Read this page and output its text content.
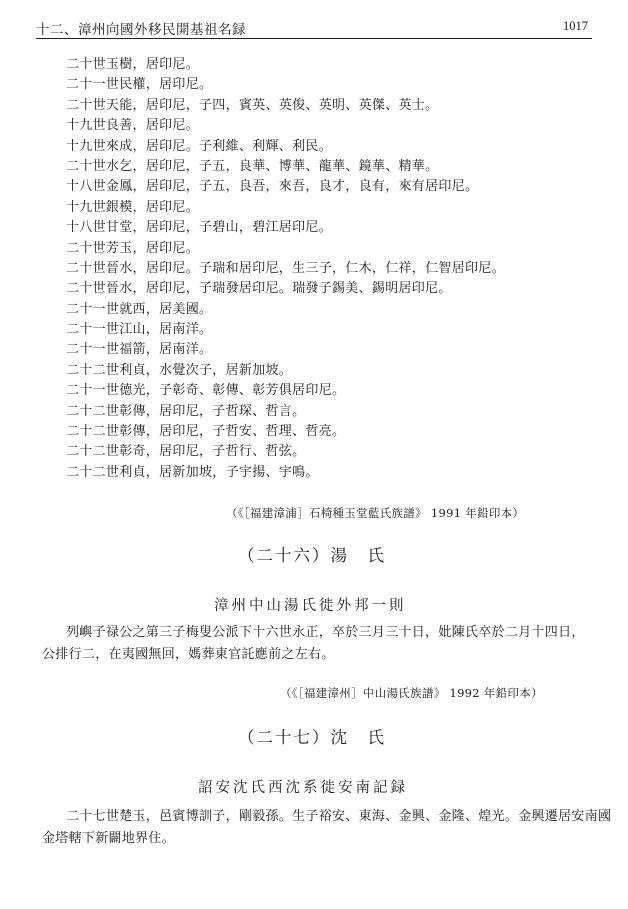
十二、漳州向國外移民開基祖名録	1017
二十世玉樹，居印尼。
二十一世民權，居印尼。
二十世天能，居印尼，子四，賓英、英俊、英明、英傑、英士。
十九世良善，居印尼。
十九世來成，居印尼。子利維、利輝、利民。
二十世水乞，居印尼，子五，良華、博華、龍華、鏡華、精華。
十八世金鳳，居印尼，子五，良吾，來吾，良才，良有，來有居印尼。
十九世銀模，居印尼。
十八世甘堂，居印尼，子碧山，碧江居印尼。
二十世芳玉，居印尼。
二十世晉水，居印尼。子瑞和居印尼，生三子，仁木，仁祥，仁智居印尼。
二十世晉水，居印尼，子瑞發居印尼。瑞發子錫美、錫明居印尼。
二十一世就西，居美國。
二十一世江山，居南洋。
二十一世福箭，居南洋。
二十二世利貞，水覺次子，居新加坡。
二十一世德光，子彰奇、彰傳、彰芳俱居印尼。
二十二世彰傳，居印尼，子哲琛、哲言。
二十二世彰傳，居印尼，子哲安、哲理、哲亮。
二十二世彰奇，居印尼，子哲行、哲弦。
二十二世利貞，居新加坡，子宇揚、宇鳴。
（《［福建漳浦］石椅種玉堂藍氏族譜》 1991 年鉛印本）
（二十六）湯　氏
漳州中山湯氏徙外邦一則
列嶼子禄公之第三子梅叟公派下十六世永正，卒於三月三十日，妣陳氏卒於二月十四日，
公排行二，在夷國無回，媽葬東官託應前之左右。
（《［福建漳州］中山湯氏族譜》 1992 年鉛印本）
（二十七）沈　氏
詔安沈氏西沈系徙安南記録
二十七世楚玉，邑賓博訓子，剛毅孫。生子裕安、東海、金興、金隆、煌光。金興遷居安南國
金塔轄下新闢地界住。
